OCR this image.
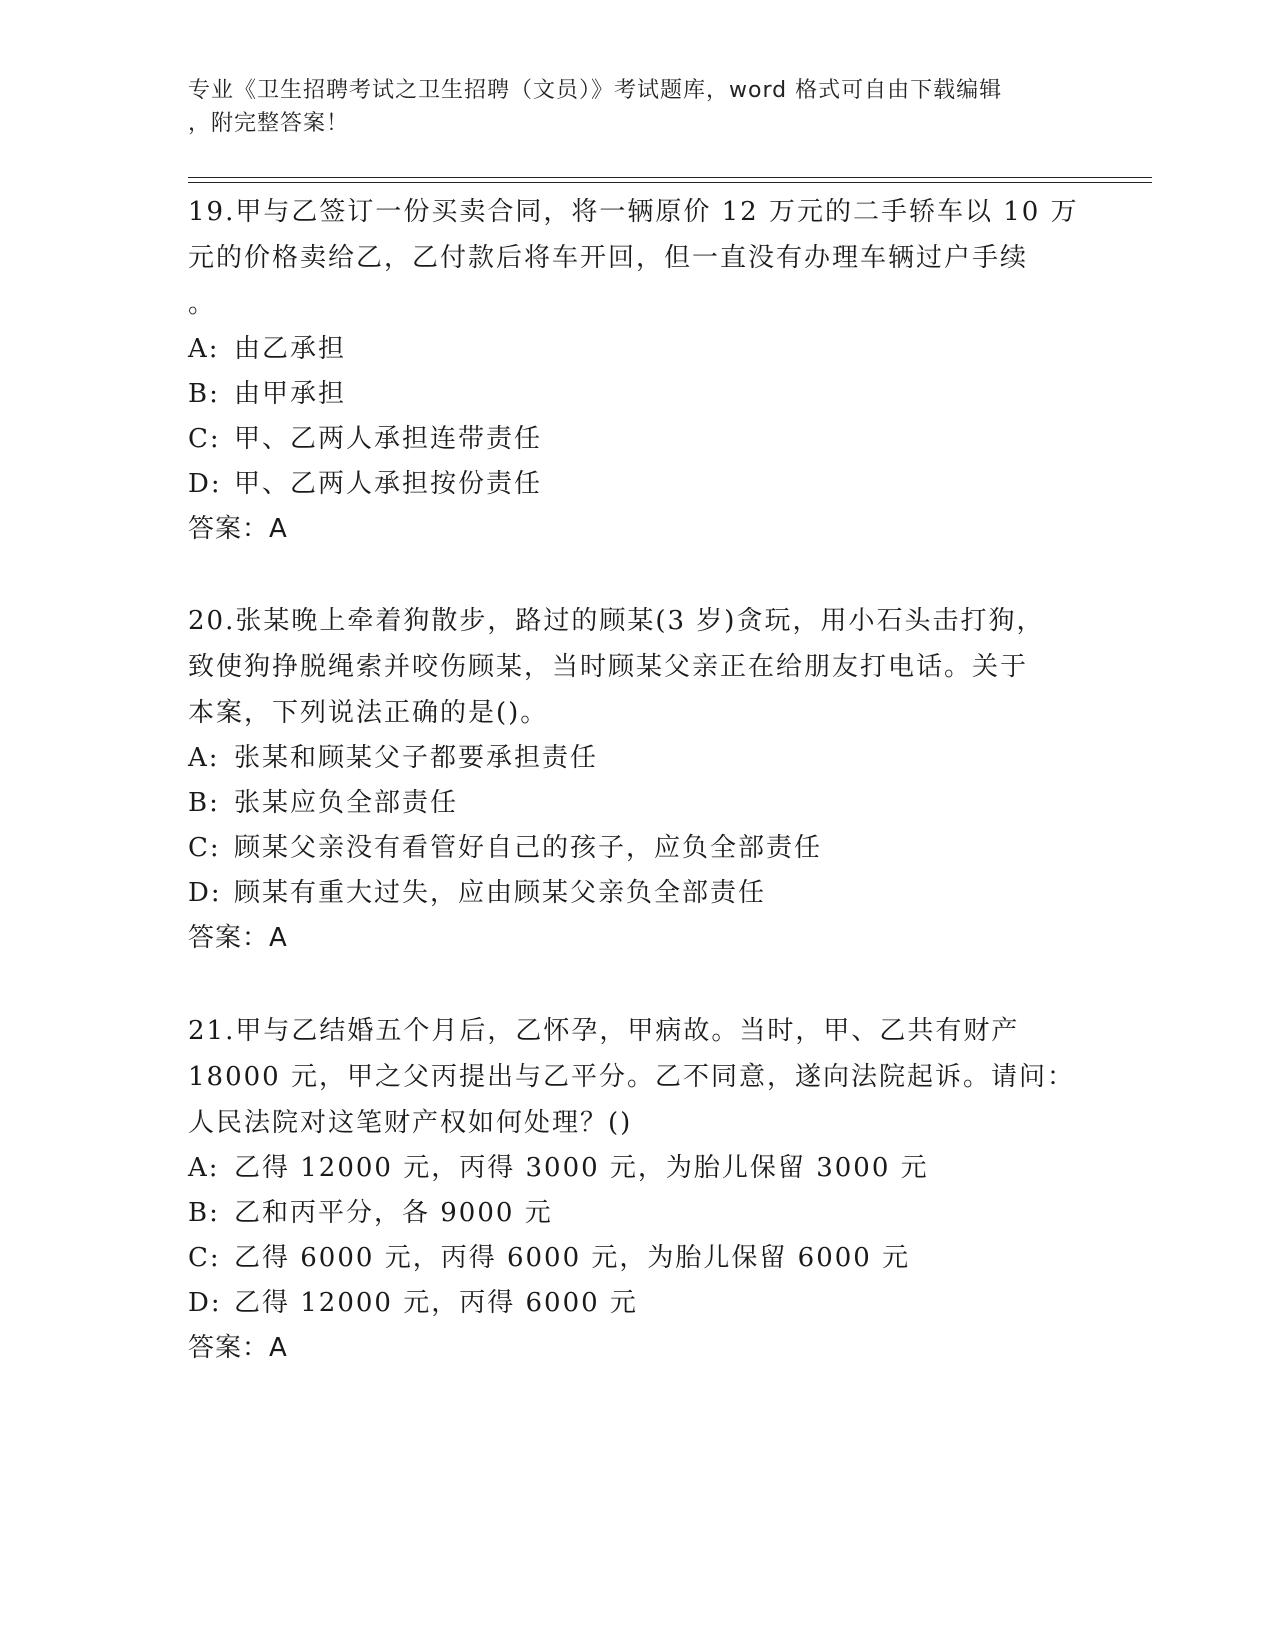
专业《卫生招聘考试之卫生招聘（文员）》考试题库，word 格式可自由下载编辑
，附完整答案！
19.甲与乙签订一份买卖合同，将一辆原价 12 万元的二手轿车以 10 万
元的价格卖给乙，乙付款后将车开回，但一直没有办理车辆过户手续
。
A: 由乙承担
B: 由甲承担
C: 甲、乙两人承担连带责任
D: 甲、乙两人承担按份责任
答案：A
20.张某晚上牵着狗散步，路过的顾某(3 岁)贪玩，用小石头击打狗，
致使狗挣脱绳索并咬伤顾某，当时顾某父亲正在给朋友打电话。关于
本案，下列说法正确的是()。
A: 张某和顾某父子都要承担责任
B: 张某应负全部责任
C: 顾某父亲没有看管好自己的孩子，应负全部责任
D: 顾某有重大过失，应由顾某父亲负全部责任
答案：A
21.甲与乙结婚五个月后，乙怀孕，甲病故。当时，甲、乙共有财产
18000 元，甲之父丙提出与乙平分。乙不同意，遂向法院起诉。请问：
人民法院对这笔财产权如何处理？()
A: 乙得 12000 元，丙得 3000 元，为胎儿保留 3000 元
B: 乙和丙平分，各 9000 元
C: 乙得 6000 元，丙得 6000 元，为胎儿保留 6000 元
D: 乙得 12000 元，丙得 6000 元
答案：A
